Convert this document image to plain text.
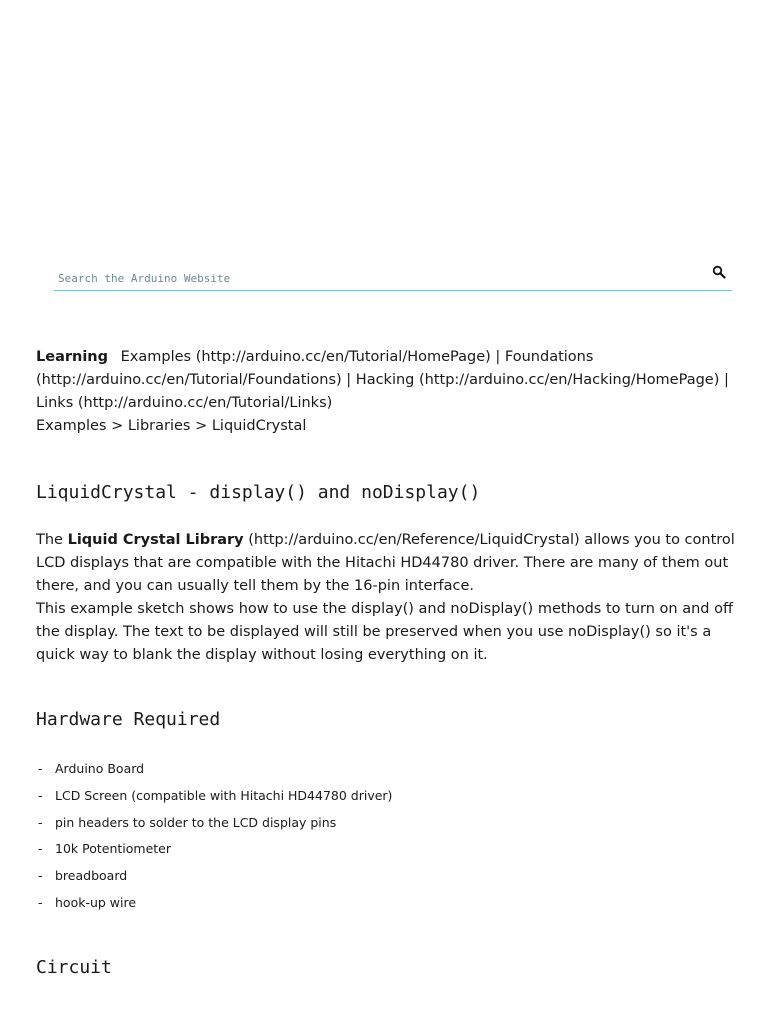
Search the Arduino Website

Learning Examples (http://arduino.cc/en/Tutorial/HomePage) | Foundations (http://arduino.cc/en/Tutorial/Foundations) | Hacking (http://arduino.cc/en/Hacking/HomePage) | Links (http://arduino.cc/en/Tutorial/Links)

Examples > Libraries > LiquidCrystal

LiquidCrystal - display() and noDisplay()

The Liquid Crystal Library (http://arduino.cc/en/Reference/LiquidCrystal) allows you to control LCD displays that are compatible with the Hitachi HD44780 driver. There are many of them out there, and you can usually tell them by the 16-pin interface.

This example sketch shows how to use the display() and noDisplay() methods to turn on and off the display. The text to be displayed will still be preserved when you use noDisplay() so it's a quick way to blank the display without losing everything on it.

Hardware Required
- Arduino Board
- LCD Screen (compatible with Hitachi HD44780 driver)
- pin headers to solder to the LCD display pins
- 10k Potentiometer
- breadboard
- hook-up wire
Circuit
